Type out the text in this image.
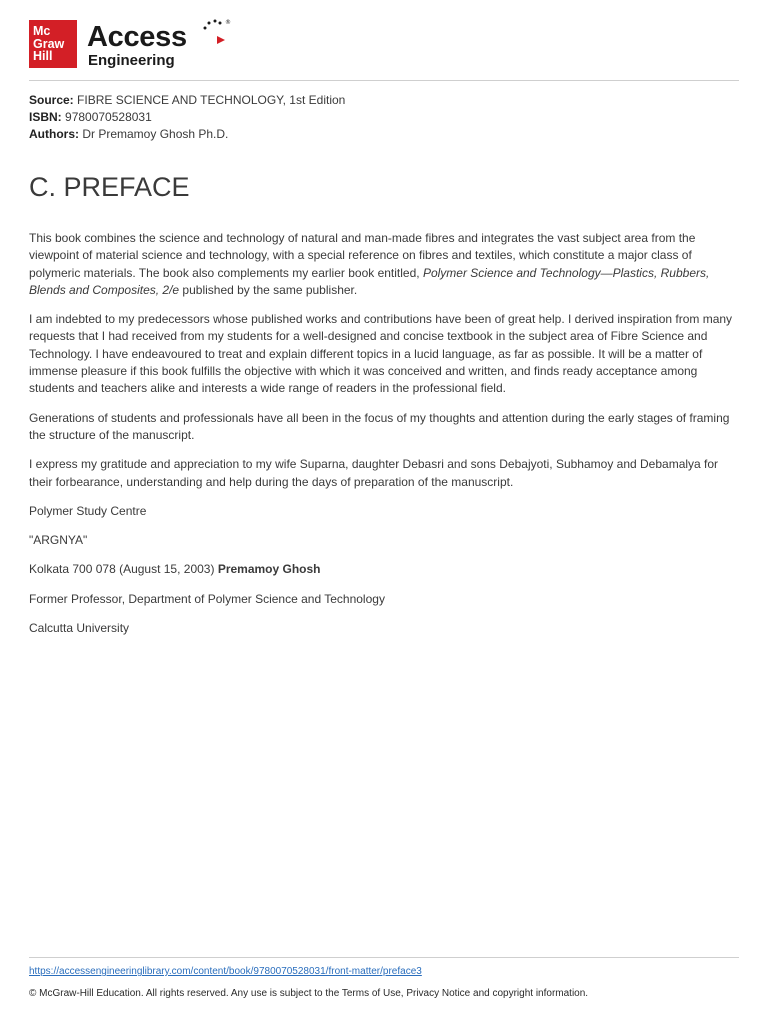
Mc
Graw
Hill
Access
Engineering
®
Source: FIBRE SCIENCE AND TECHNOLOGY, 1st Edition
ISBN: 9780070528031
Authors: Dr Premamoy Ghosh Ph.D.
C. PREFACE

This book combines the science and technology of natural and man-made fibres and integrates the vast subject area from the viewpoint of material science and technology, with a special reference on fibres and textiles, which constitute a major class of polymeric materials. The book also complements my earlier book entitled, Polymer Science and Technology—Plastics, Rubbers, Blends and Composites, 2/e published by the same publisher.

I am indebted to my predecessors whose published works and contributions have been of great help. I derived inspiration from many requests that I had received from my students for a well-designed and concise textbook in the subject area of Fibre Science and Technology. I have endeavoured to treat and explain different topics in a lucid language, as far as possible. It will be a matter of immense pleasure if this book fulfills the objective with which it was conceived and written, and finds ready acceptance among students and teachers alike and interests a wide range of readers in the professional field.

Generations of students and professionals have all been in the focus of my thoughts and attention during the early stages of framing the structure of the manuscript.

I express my gratitude and appreciation to my wife Suparna, daughter Debasri and sons Debajyoti, Subhamoy and Debamalya for their forbearance, understanding and help during the days of preparation of the manuscript.

Polymer Study Centre

"ARGNYA"

Kolkata 700 078 (August 15, 2003) Premamoy Ghosh

Former Professor, Department of Polymer Science and Technology

Calcutta University

https://accessengineeringlibrary.com/content/book/9780070528031/front-matter/preface3
© McGraw-Hill Education. All rights reserved. Any use is subject to the Terms of Use, Privacy Notice and copyright information.
